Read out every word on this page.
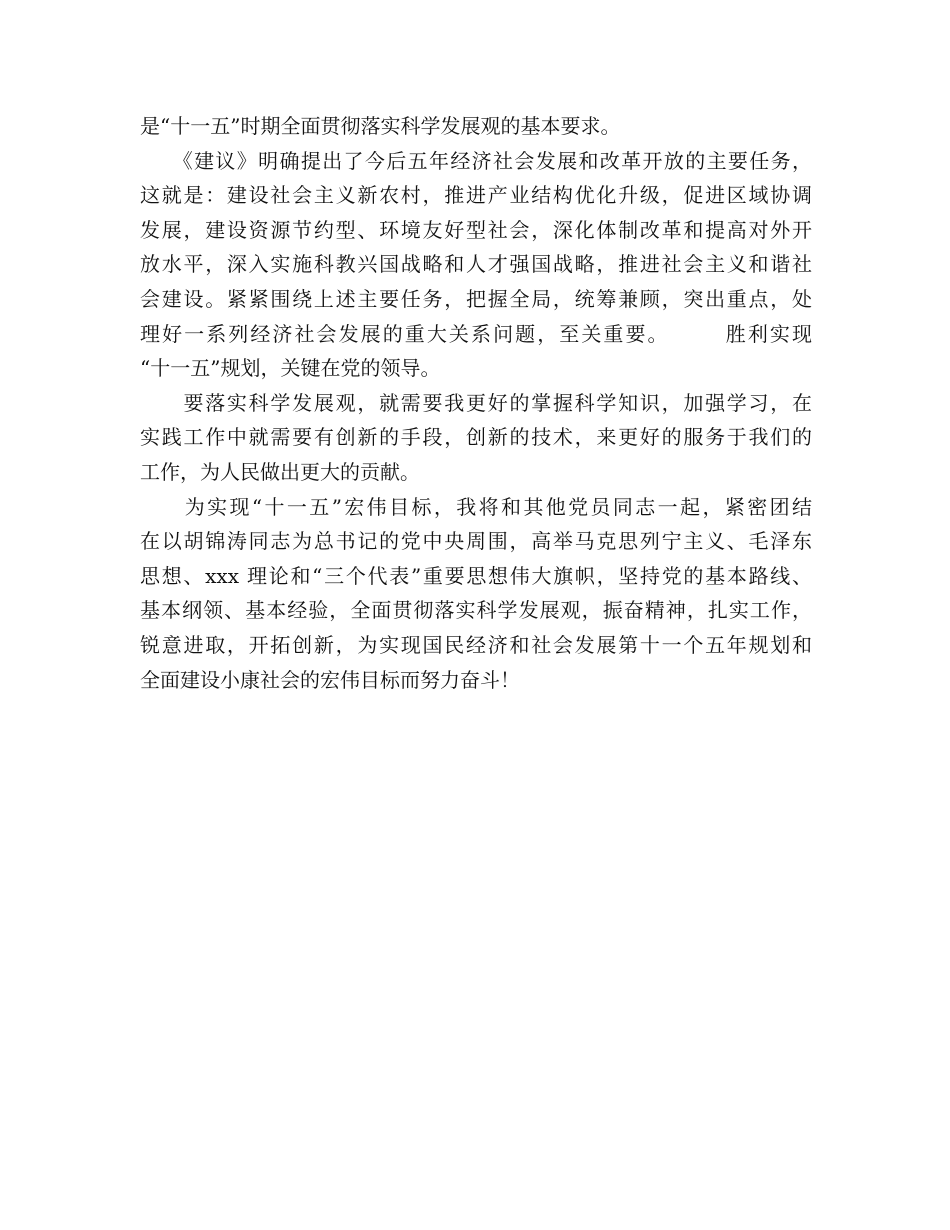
是“十一五”时期全面贯彻落实科学发展观的基本要求。
　　《建议》明确提出了今后五年经济社会发展和改革开放的主要任务，
这就是：建设社会主义新农村，推进产业结构优化升级，促进区域协调
发展，建设资源节约型、环境友好型社会，深化体制改革和提高对外开
放水平，深入实施科教兴国战略和人才强国战略，推进社会主义和谐社
会建设。紧紧围绕上述主要任务，把握全局，统筹兼顾，突出重点，处
理好一系列经济社会发展的重大关系问题，至关重要。　　　胜利实现
“十一五”规划，关键在党的领导。
　　要落实科学发展观，就需要我更好的掌握科学知识，加强学习，在
实践工作中就需要有创新的手段，创新的技术，来更好的服务于我们的
工作，为人民做出更大的贡献。
　　为实现“十一五”宏伟目标，我将和其他党员同志一起，紧密团结
在以胡锦涛同志为总书记的党中央周围，高举马克思列宁主义、毛泽东
思想、xxx 理论和“三个代表”重要思想伟大旗帜，坚持党的基本路线、
基本纲领、基本经验，全面贯彻落实科学发展观，振奋精神，扎实工作，
锐意进取，开拓创新，为实现国民经济和社会发展第十一个五年规划和
全面建设小康社会的宏伟目标而努力奋斗！
